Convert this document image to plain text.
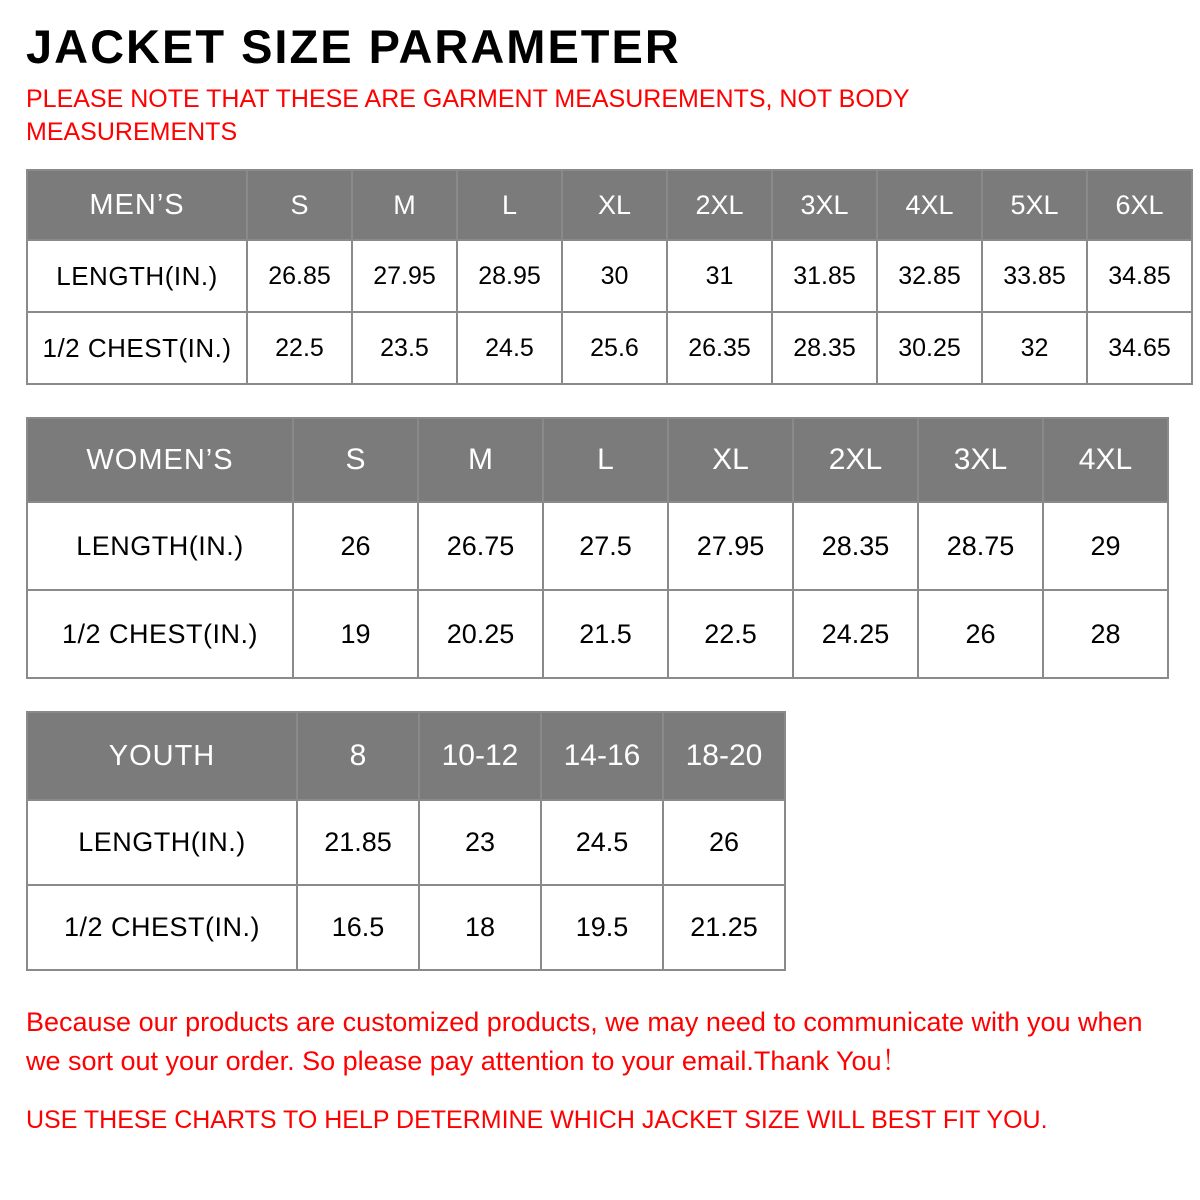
JACKET SIZE PARAMETER

PLEASE NOTE THAT THESE ARE GARMENT MEASUREMENTS, NOT BODY MEASUREMENTS

MEN’S	S	M	L	XL	2XL	3XL	4XL	5XL	6XL
LENGTH(IN.)	26.85	27.95	28.95	30	31	31.85	32.85	33.85	34.85
1/2 CHEST(IN.)	22.5	23.5	24.5	25.6	26.35	28.35	30.25	32	34.65
WOMEN’S	S	M	L	XL	2XL	3XL	4XL
LENGTH(IN.)	26	26.75	27.5	27.95	28.35	28.75	29
1/2 CHEST(IN.)	19	20.25	21.5	22.5	24.25	26	28
YOUTH	8	10-12	14-16	18-20
LENGTH(IN.)	21.85	23	24.5	26
1/2 CHEST(IN.)	16.5	18	19.5	21.25

Because our products are customized products, we may need to communicate with you when we sort out your order. So please pay attention to your email.Thank You！

USE THESE CHARTS TO HELP DETERMINE WHICH JACKET SIZE WILL BEST FIT YOU.
